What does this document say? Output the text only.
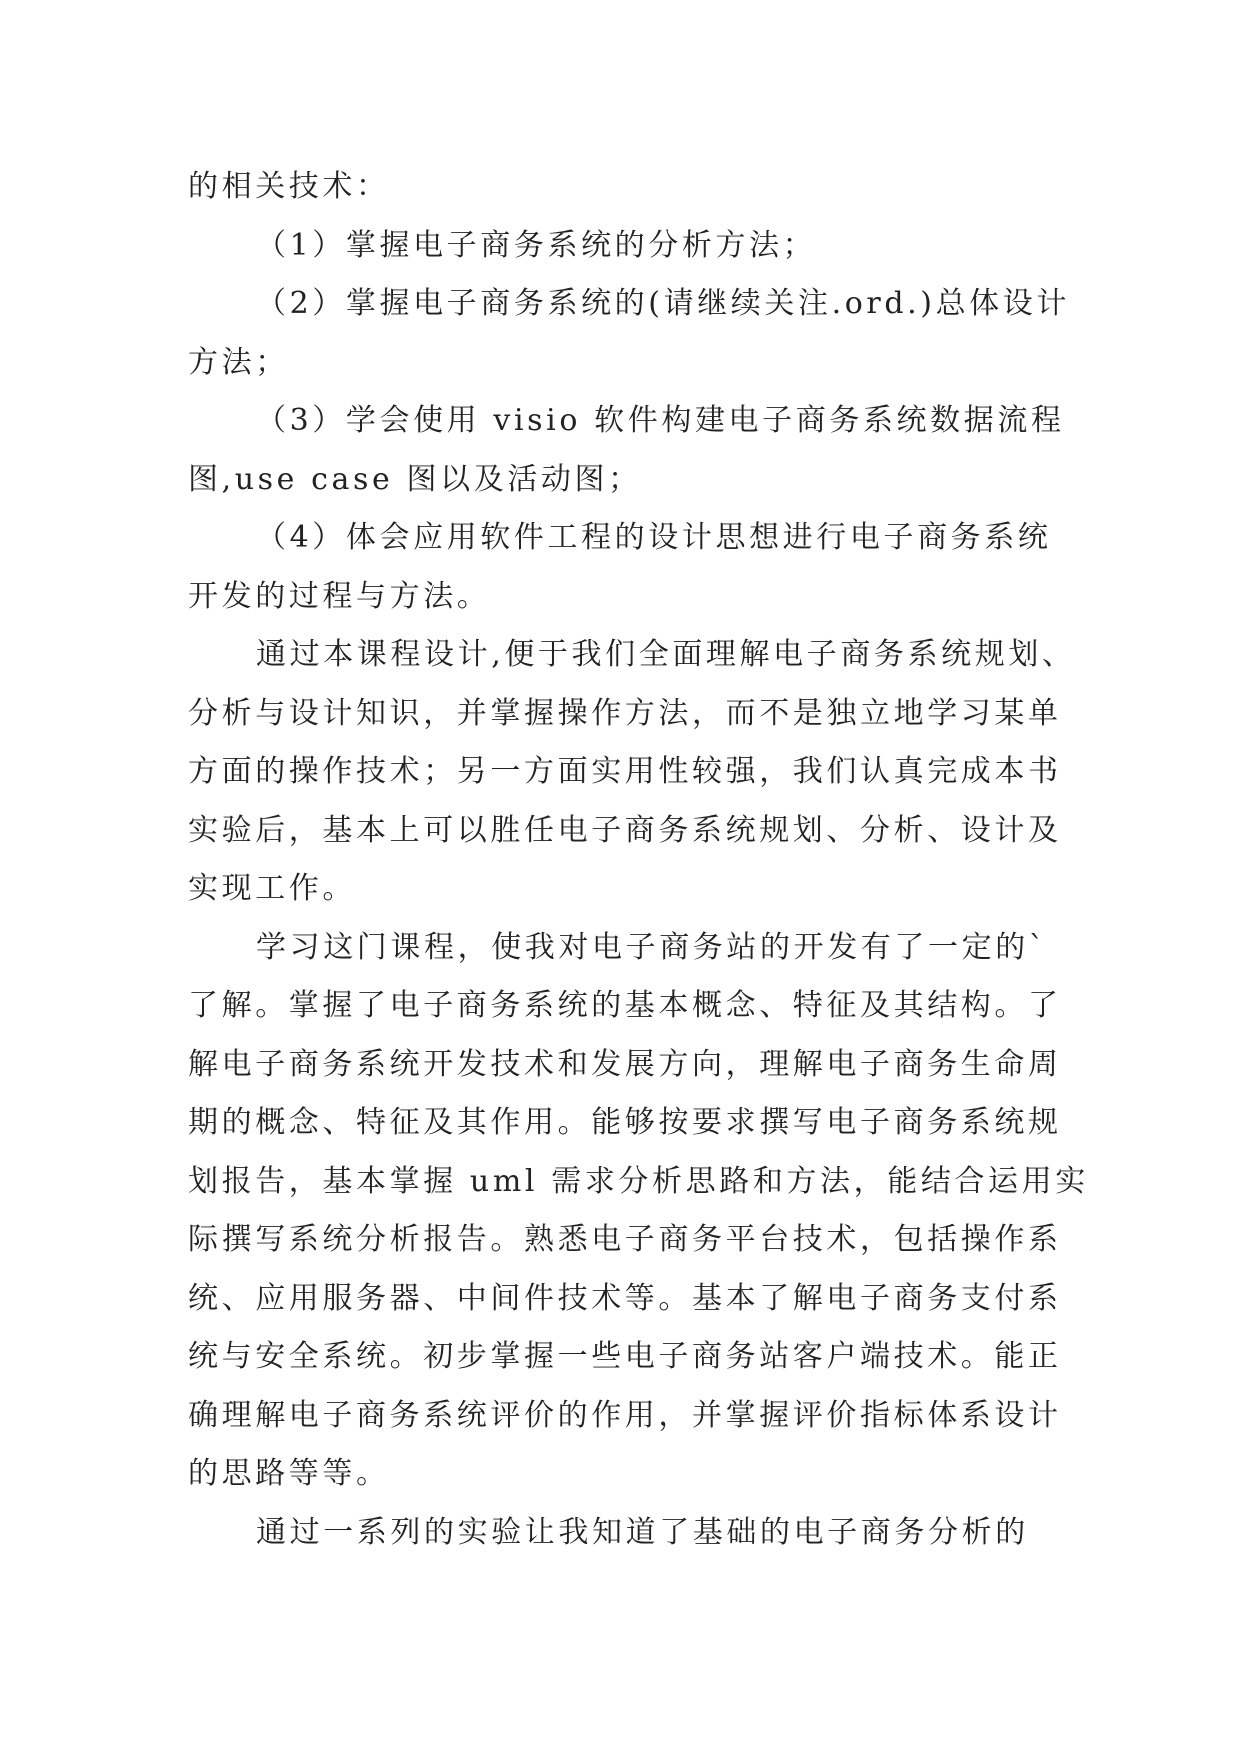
的相关技术：
（1）掌握电子商务系统的分析方法；
（2）掌握电子商务系统的(请继续关注.ord.)总体设计
方法；
（3）学会使用 visio 软件构建电子商务系统数据流程
图,use case 图以及活动图；
（4）体会应用软件工程的设计思想进行电子商务系统
开发的过程与方法。
通过本课程设计,便于我们全面理解电子商务系统规划、
分析与设计知识，并掌握操作方法，而不是独立地学习某单
方面的操作技术；另一方面实用性较强，我们认真完成本书
实验后，基本上可以胜任电子商务系统规划、分析、设计及
实现工作。
学习这门课程，使我对电子商务站的开发有了一定的`
了解。掌握了电子商务系统的基本概念、特征及其结构。了
解电子商务系统开发技术和发展方向，理解电子商务生命周
期的概念、特征及其作用。能够按要求撰写电子商务系统规
划报告，基本掌握 uml 需求分析思路和方法，能结合运用实
际撰写系统分析报告。熟悉电子商务平台技术，包括操作系
统、应用服务器、中间件技术等。基本了解电子商务支付系
统与安全系统。初步掌握一些电子商务站客户端技术。能正
确理解电子商务系统评价的作用，并掌握评价指标体系设计
的思路等等。
通过一系列的实验让我知道了基础的电子商务分析的
